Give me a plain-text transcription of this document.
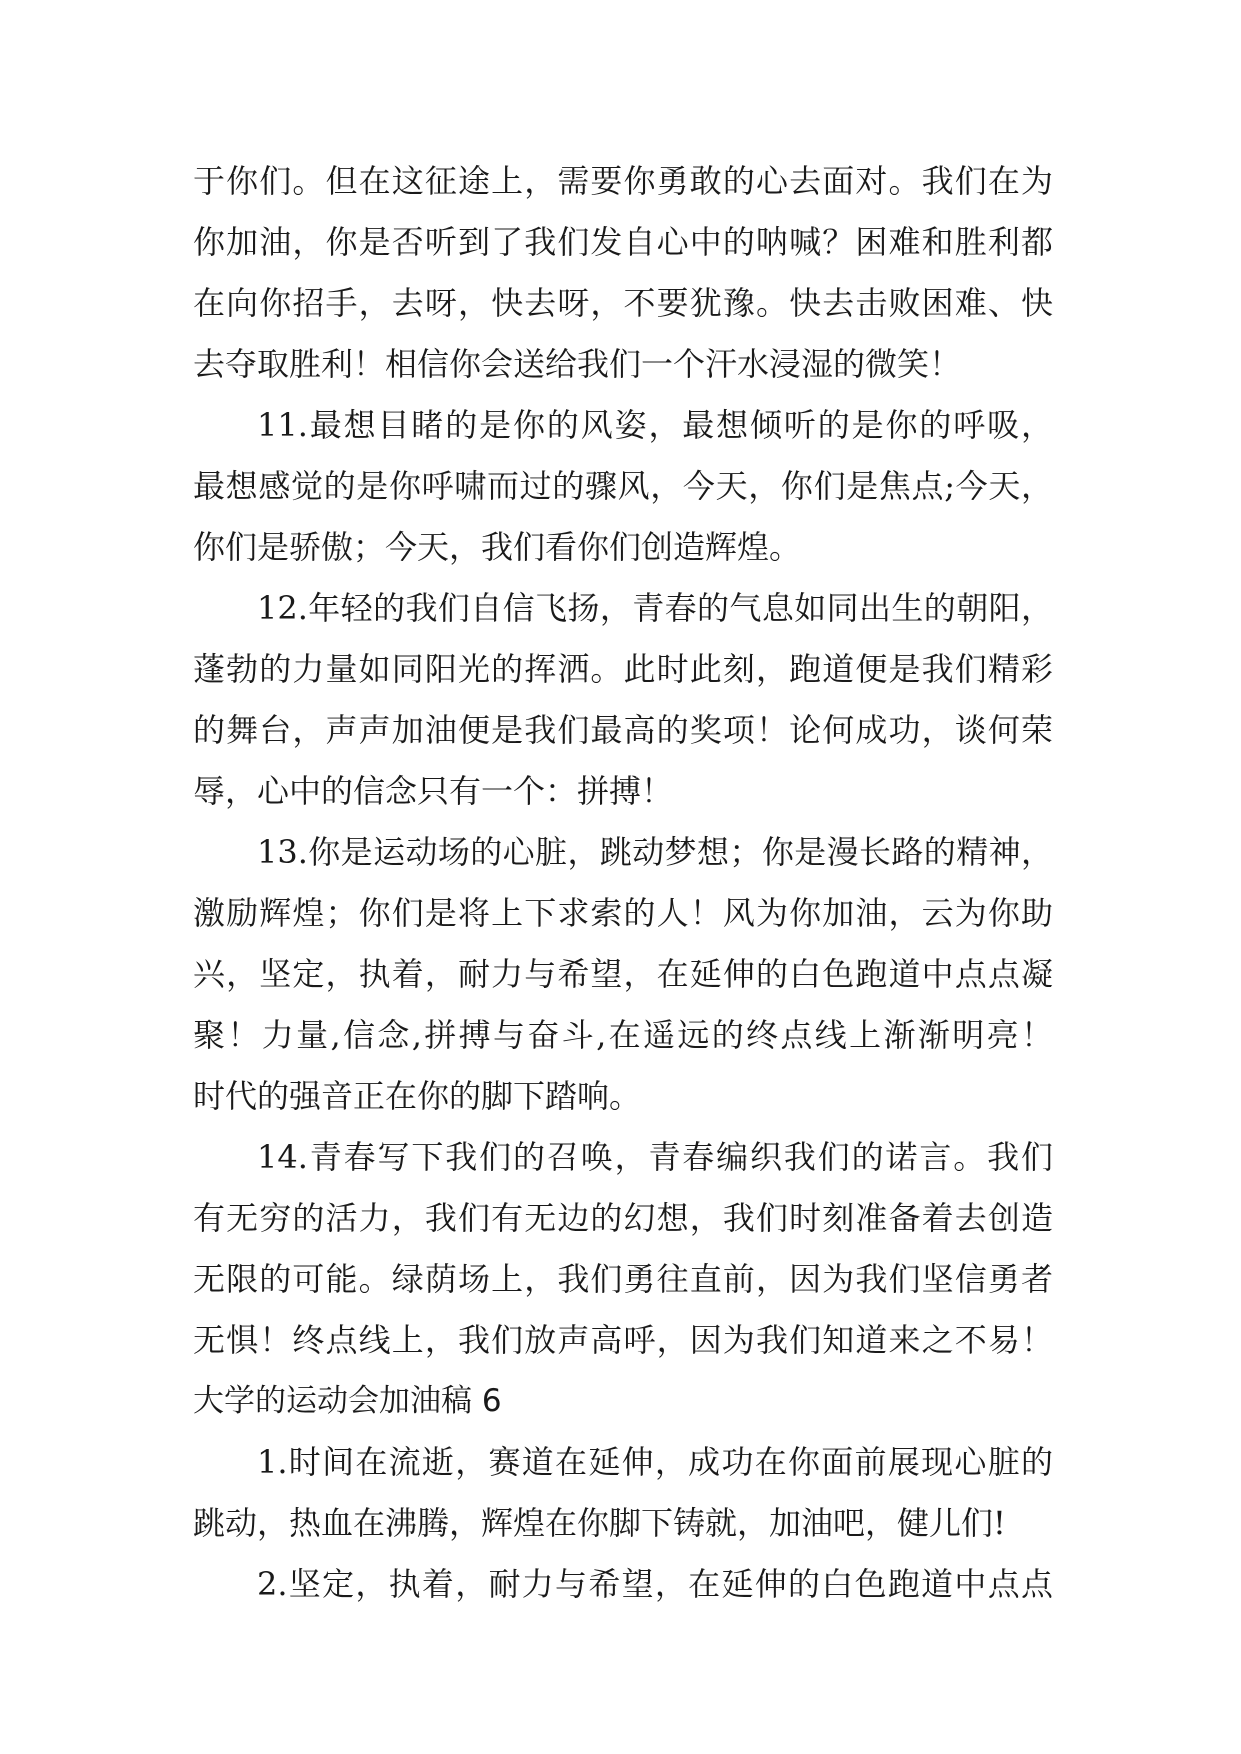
于你们。但在这征途上，需要你勇敢的心去面对。我们在为

你加油，你是否听到了我们发自心中的呐喊？困难和胜利都

在向你招手，去呀，快去呀，不要犹豫。快去击败困难、快

去夺取胜利！相信你会送给我们一个汗水浸湿的微笑！

11.最想目睹的是你的风姿，最想倾听的是你的呼吸，

最想感觉的是你呼啸而过的骤风，今天，你们是焦点;今天，

你们是骄傲；今天，我们看你们创造辉煌。

12.年轻的我们自信飞扬，青春的气息如同出生的朝阳，

蓬勃的力量如同阳光的挥洒。此时此刻，跑道便是我们精彩

的舞台，声声加油便是我们最高的奖项！论何成功，谈何荣

辱，心中的信念只有一个：拼搏！

13.你是运动场的心脏，跳动梦想；你是漫长路的精神，

激励辉煌；你们是将上下求索的人！风为你加油，云为你助

兴，坚定，执着，耐力与希望，在延伸的白色跑道中点点凝

聚！力量,信念,拼搏与奋斗,在遥远的终点线上渐渐明亮！

时代的强音正在你的脚下踏响。

14.青春写下我们的召唤，青春编织我们的诺言。我们

有无穷的活力，我们有无边的幻想，我们时刻准备着去创造

无限的可能。绿荫场上，我们勇往直前，因为我们坚信勇者

无惧！终点线上，我们放声高呼，因为我们知道来之不易！

大学的运动会加油稿 6

1.时间在流逝，赛道在延伸，成功在你面前展现心脏的

跳动，热血在沸腾，辉煌在你脚下铸就，加油吧，健儿们!

2.坚定，执着，耐力与希望，在延伸的白色跑道中点点
